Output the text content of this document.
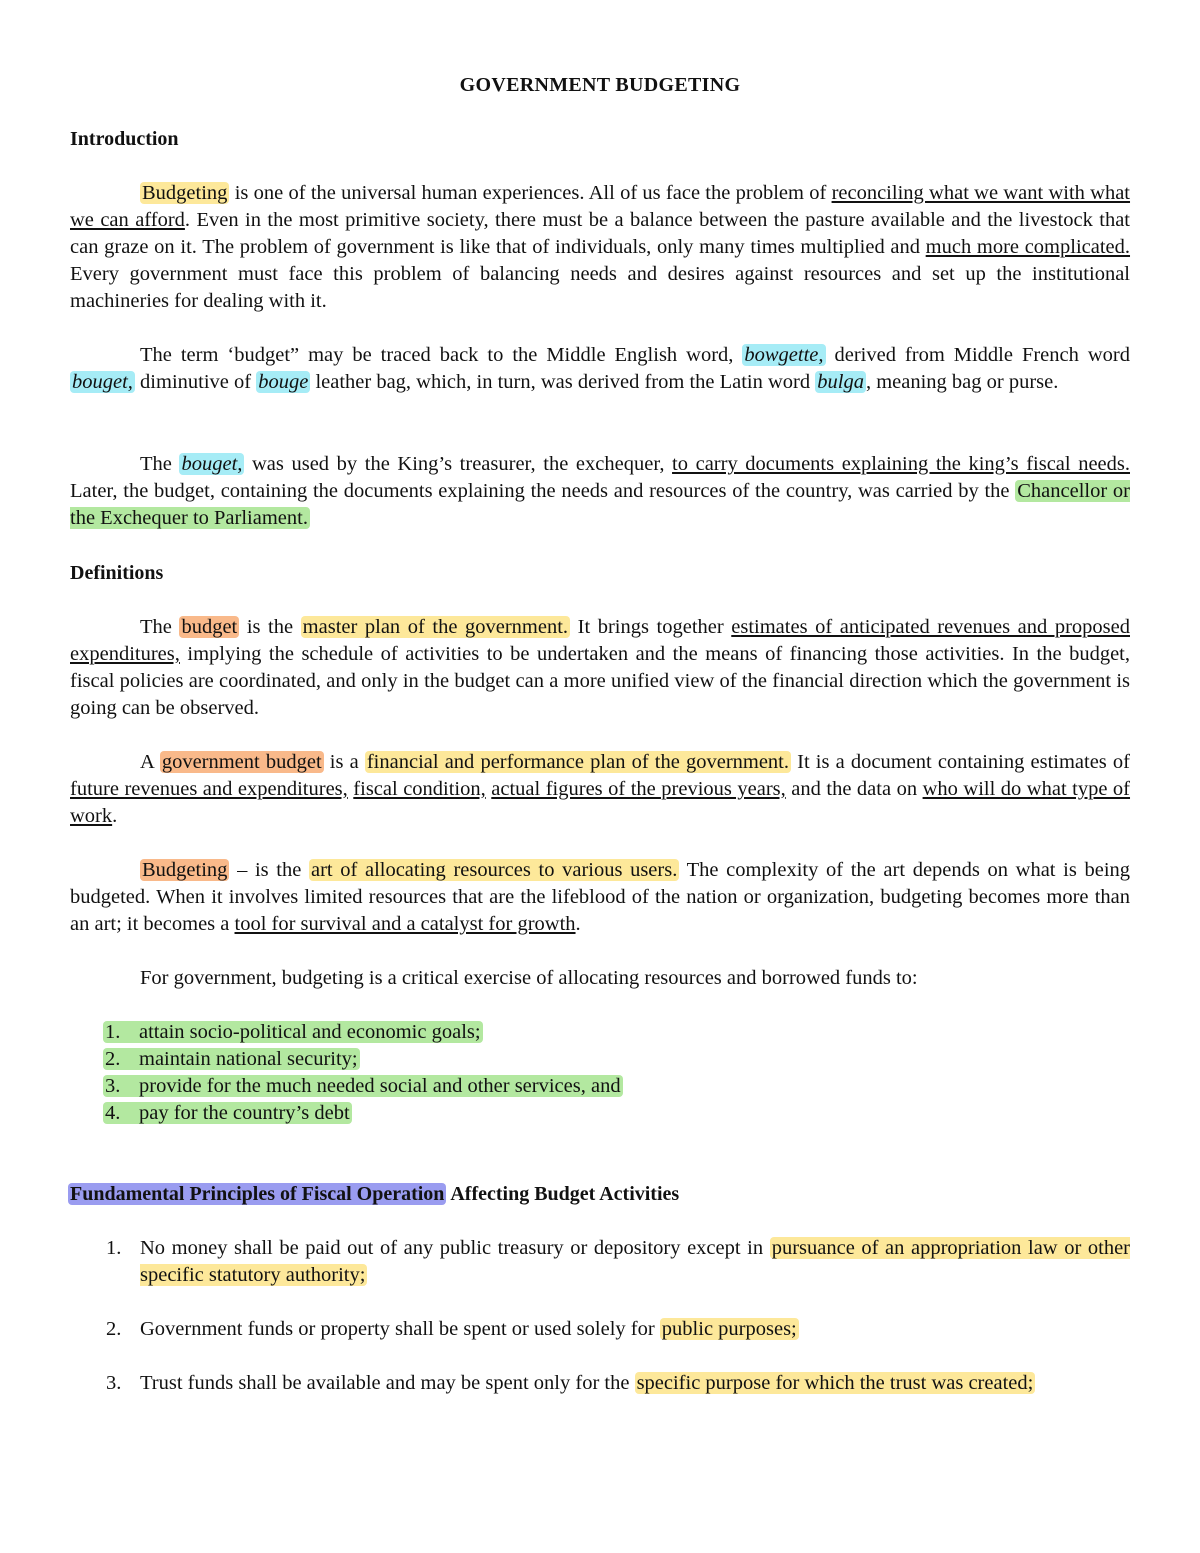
GOVERNMENT BUDGETING
Introduction

Budgeting is one of the universal human experiences. All of us face the problem of reconciling what we want with what we can afford. Even in the most primitive society, there must be a balance between the pasture available and the livestock that can graze on it. The problem of government is like that of individuals, only many times multiplied and much more complicated. Every government must face this problem of balancing needs and desires against resources and set up the institutional machineries for dealing with it.

The term ‘budget” may be traced back to the Middle English word, bowgette, derived from Middle French word bouget, diminutive of bouge leather bag, which, in turn, was derived from the Latin word bulga, meaning bag or purse.

The bouget, was used by the King’s treasurer, the exchequer, to carry documents explaining the king’s fiscal needs. Later, the budget, containing the documents explaining the needs and resources of the country, was carried by the Chancellor or the Exchequer to Parliament.

Definitions

The budget is the master plan of the government. It brings together estimates of anticipated revenues and proposed expenditures, implying the schedule of activities to be undertaken and the means of financing those activities. In the budget, fiscal policies are coordinated, and only in the budget can a more unified view of the financial direction which the government is going can be observed.

A government budget is a financial and performance plan of the government. It is a document containing estimates of future revenues and expenditures, fiscal condition, actual figures of the previous years, and the data on who will do what type of work.

Budgeting – is the art of allocating resources to various users. The complexity of the art depends on what is being budgeted. When it involves limited resources that are the lifeblood of the nation or organization, budgeting becomes more than an art; it becomes a tool for survival and a catalyst for growth.

For government, budgeting is a critical exercise of allocating resources and borrowed funds to:

1. attain socio-political and economic goals;
2. maintain national security;
3. provide for the much needed social and other services, and
4. pay for the country’s debt
Fundamental Principles of Fiscal Operation Affecting Budget Activities
1. No money shall be paid out of any public treasury or depository except in pursuance of an appropriation law or other specific statutory authority;
2. Government funds or property shall be spent or used solely for public purposes;
3. Trust funds shall be available and may be spent only for the specific purpose for which the trust was created;
